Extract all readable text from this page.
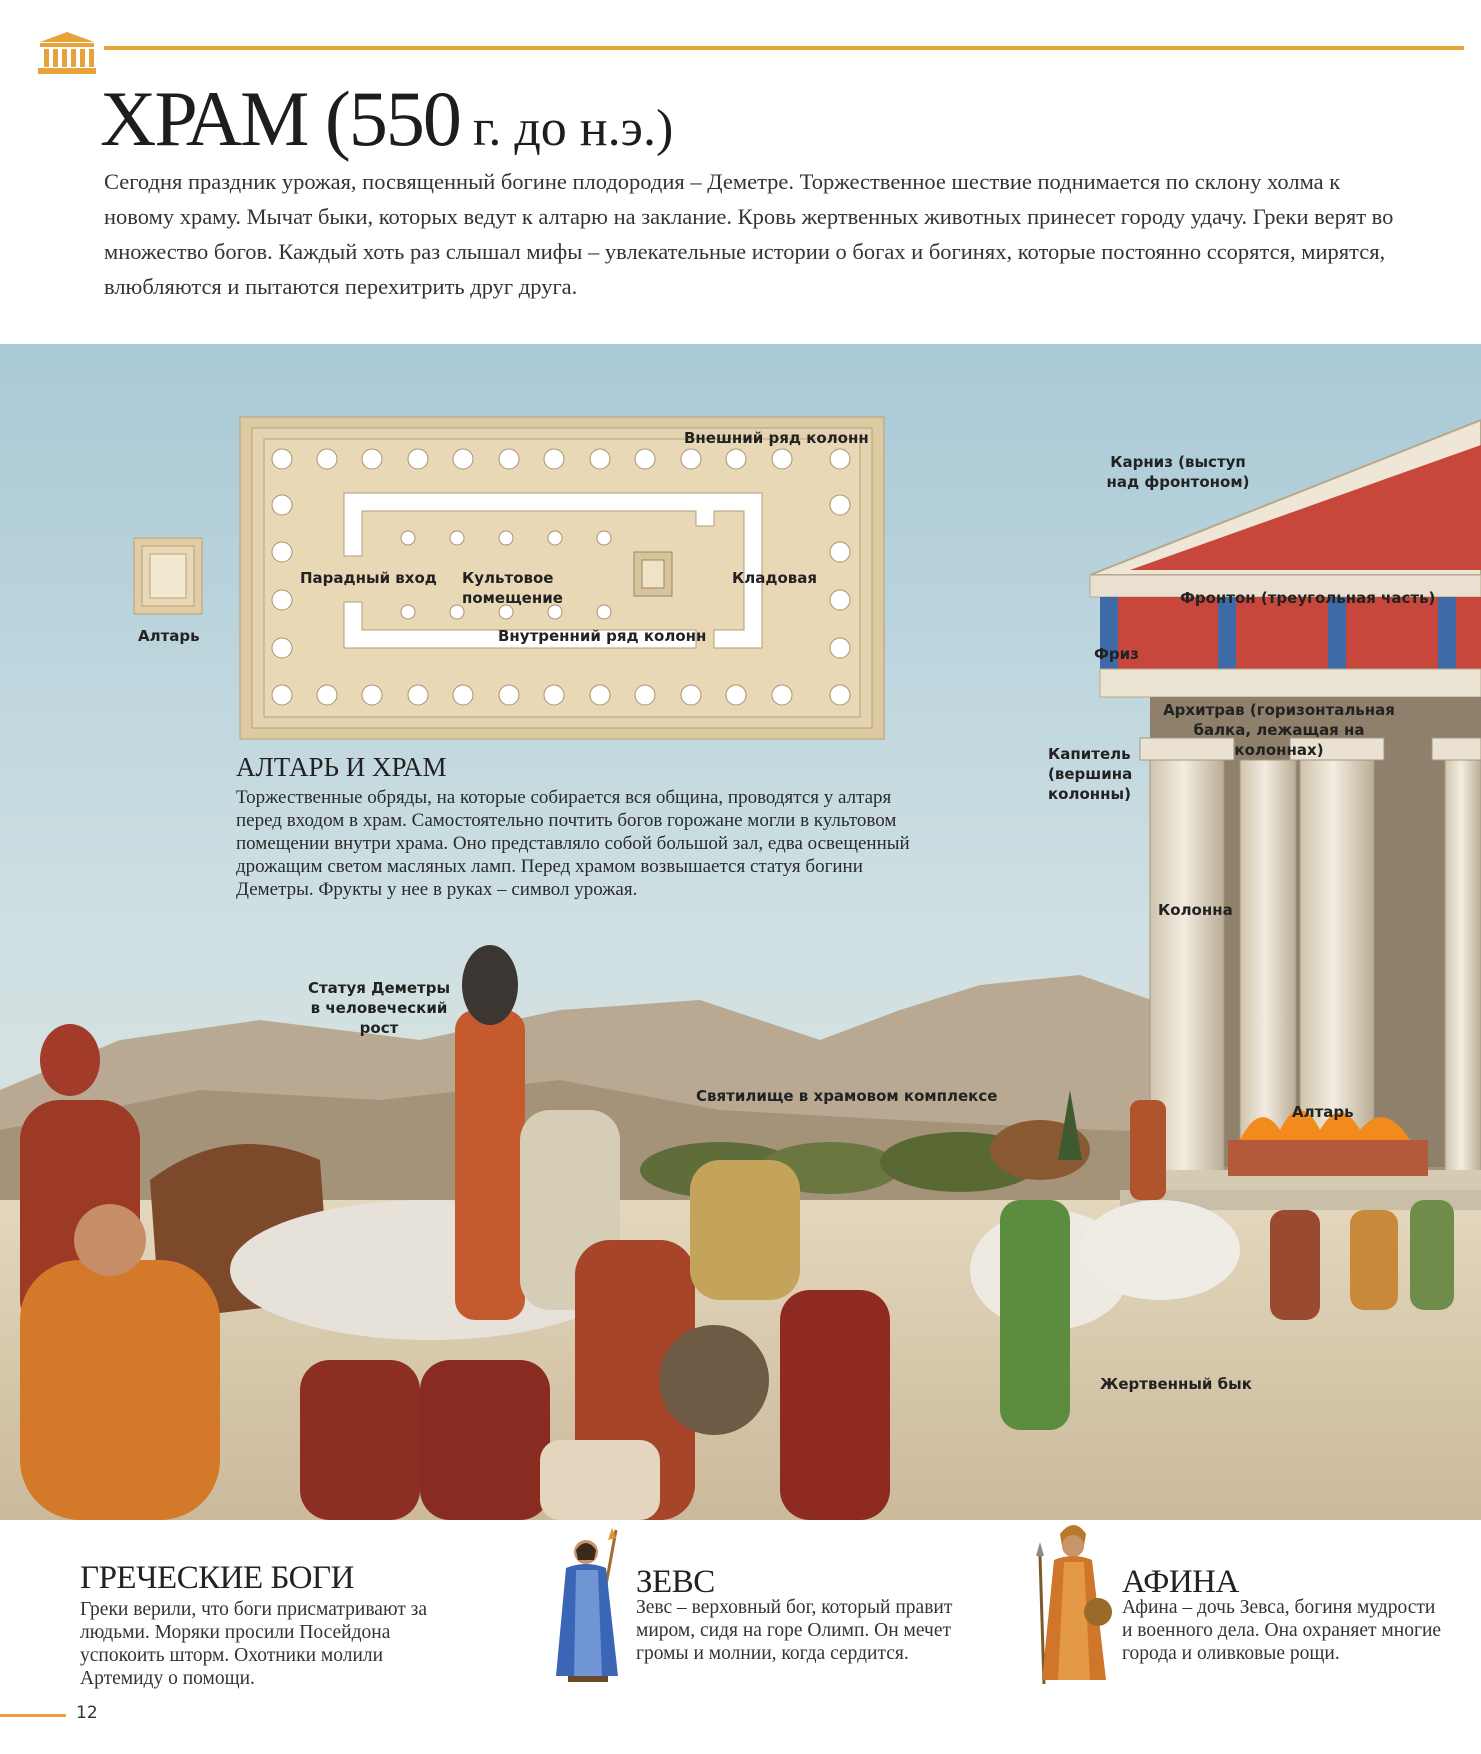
ХРАМ (550 г. до н.э.)
Сегодня праздник урожая, посвященный богине плодородия – Деметре. Торжественное шествие поднимается по склону холма к новому храму. Мычат быки, которых ведут к алтарю на заклание. Кровь жертвенных животных принесет городу удачу. Греки верят во множество богов. Каждый хоть раз слышал мифы – увлекательные истории о богах и богинях, которые постоянно ссорятся, мирятся, влюбляются и пытаются перехитрить друг друга.
Внешний ряд колонн
Парадный вход Культовое помещение
Кладовая
Внутренний ряд колонн
Алтарь
Карниз (выступ над фронтоном)
Фронтон (треугольная часть)
Фриз
Архитрав (горизонтальная балка, лежащая на колоннах)
Капитель (вершина колонны)
Колонна
Алтарь
Статуя Деметры в человеческий рост
Святилище в храмовом комплексе
Жертвенный бык
АЛТАРЬ И ХРАМ
Торжественные обряды, на которые собирается вся община, проводятся у алтаря перед входом в храм. Самостоятельно почтить богов горожане могли в культовом помещении внутри храма. Оно представляло собой большой зал, едва освещенный дрожащим светом масляных ламп. Перед храмом возвышается статуя богини Деметры. Фрукты у нее в руках – символ урожая.
ГРЕЧЕСКИЕ БОГИ
Греки верили, что боги присматривают за людьми. Моряки просили Посейдона успокоить шторм. Охотники молили Артемиду о помощи.
ЗЕВС
Зевс – верховный бог, который правит миром, сидя на горе Олимп. Он мечет громы и молнии, когда сердится.
АФИНА
Афина – дочь Зевса, богиня мудрости и военного дела. Она охраняет многие города и оливковые рощи.
12
